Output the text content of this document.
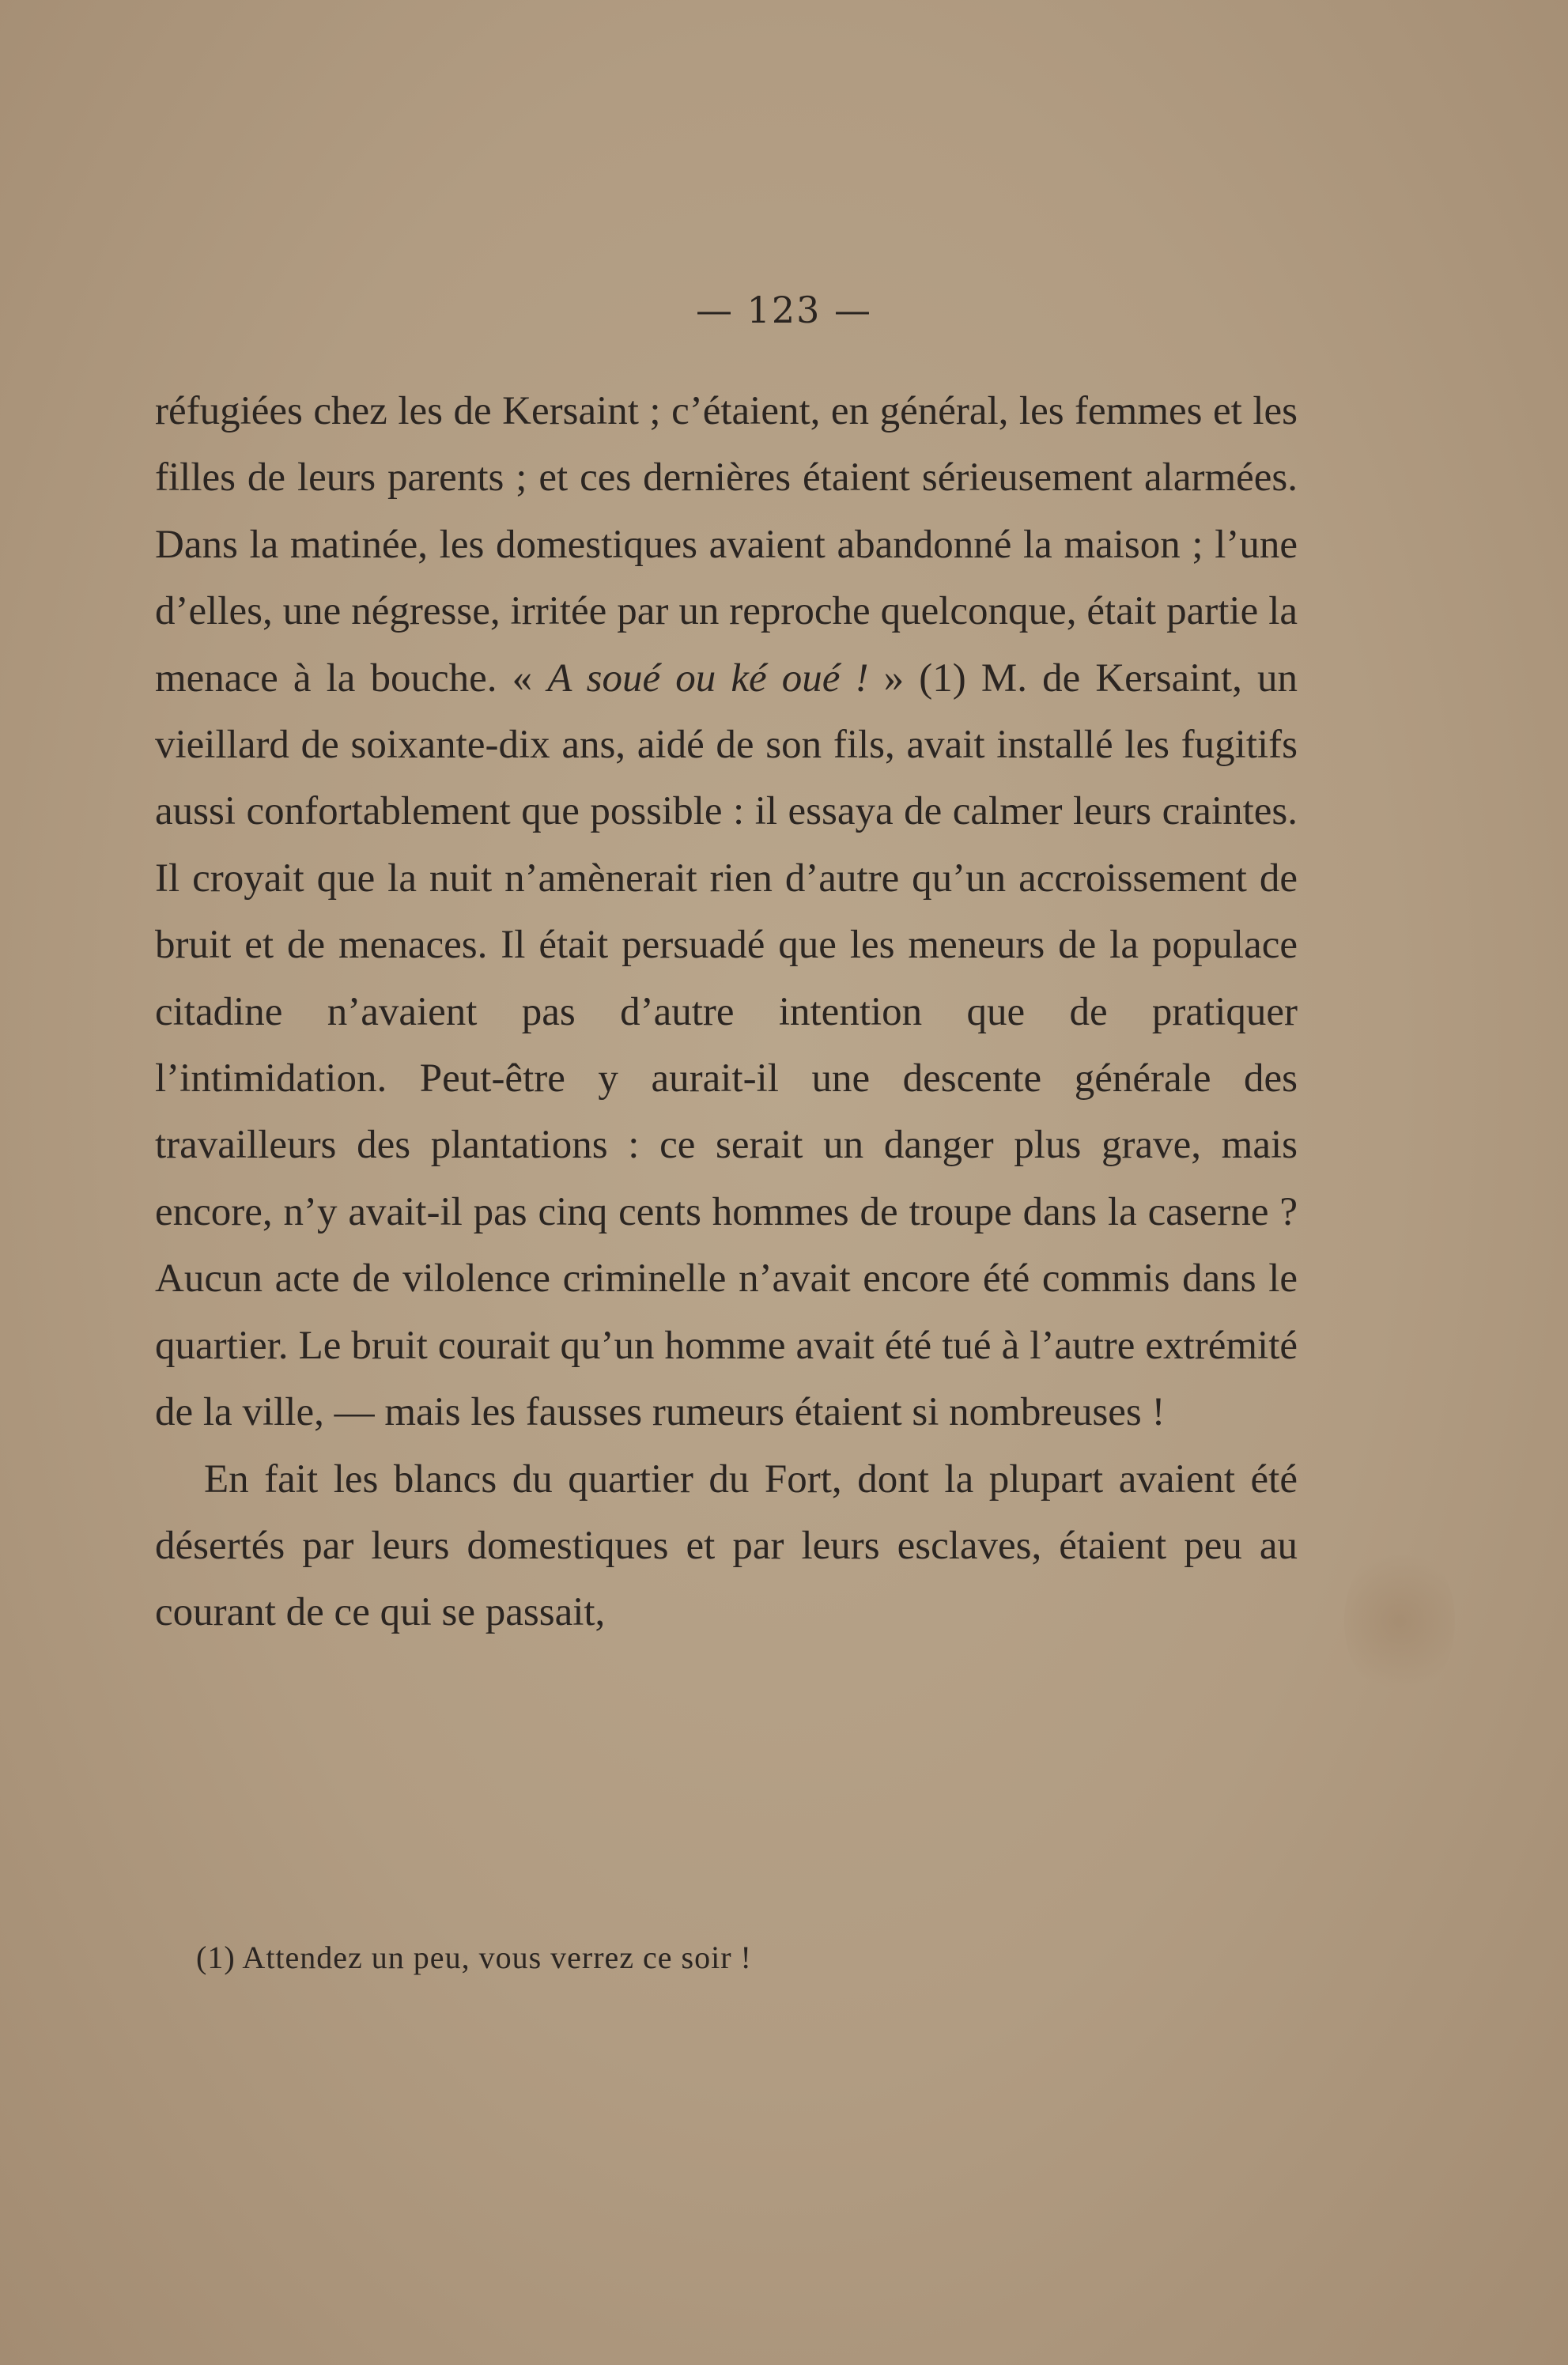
— 123 —

réfugiées chez les de Kersaint ; c’étaient, en général, les femmes et les filles de leurs parents ; et ces dernières étaient sérieusement alarmées. Dans la matinée, les domestiques avaient abandonné la maison ; l’une d’elles, une négresse, irritée par un reproche quelconque, était partie la menace à la bouche. « A soué ou ké oué ! » (1) M. de Kersaint, un vieillard de soixante-dix ans, aidé de son fils, avait installé les fugitifs aussi confortablement que possible : il essaya de calmer leurs craintes. Il croyait que la nuit n’amènerait rien d’autre qu’un accroissement de bruit et de menaces. Il était persuadé que les meneurs de la populace citadine n’avaient pas d’autre intention que de pratiquer l’intimidation. Peut-être y aurait-il une descente générale des travailleurs des plantations : ce serait un danger plus grave, mais encore, n’y avait-il pas cinq cents hommes de troupe dans la caserne ? Aucun acte de vilolence criminelle n’avait encore été commis dans le quartier. Le bruit courait qu’un homme avait été tué à l’autre extrémité de la ville, — mais les fausses rumeurs étaient si nombreuses !

En fait les blancs du quartier du Fort, dont la plupart avaient été désertés par leurs domestiques et par leurs esclaves, étaient peu au courant de ce qui se passait,

(1) Attendez un peu, vous verrez ce soir !
